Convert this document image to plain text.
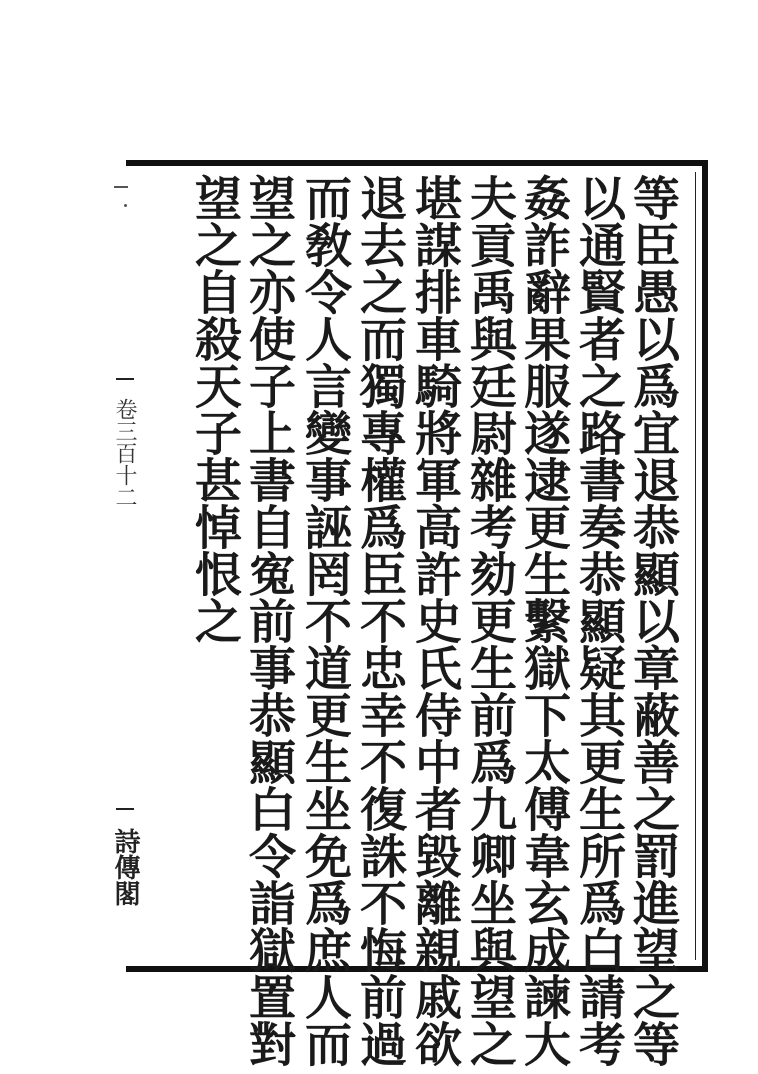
等臣愚以爲宜退恭顯以章蔽善之罰進望之等
以通賢者之路書奏恭顯疑其更生所爲白請考
姦詐辭果服遂逮更生繫獄下太傅韋玄成諫大
夫貢禹與廷尉雜考劾更生前爲九卿坐與望之
堪謀排車騎將軍高許史氏侍中者毀離親戚欲
退去之而獨專權爲臣不忠幸不復誅不悔前過
而敎令人言變事誣罔不道更生坐免爲庶人而
望之亦使子上書自寃前事恭顯白令詣獄置對
望之自殺天子甚悼恨之
卷三百十二
詩傳閣
